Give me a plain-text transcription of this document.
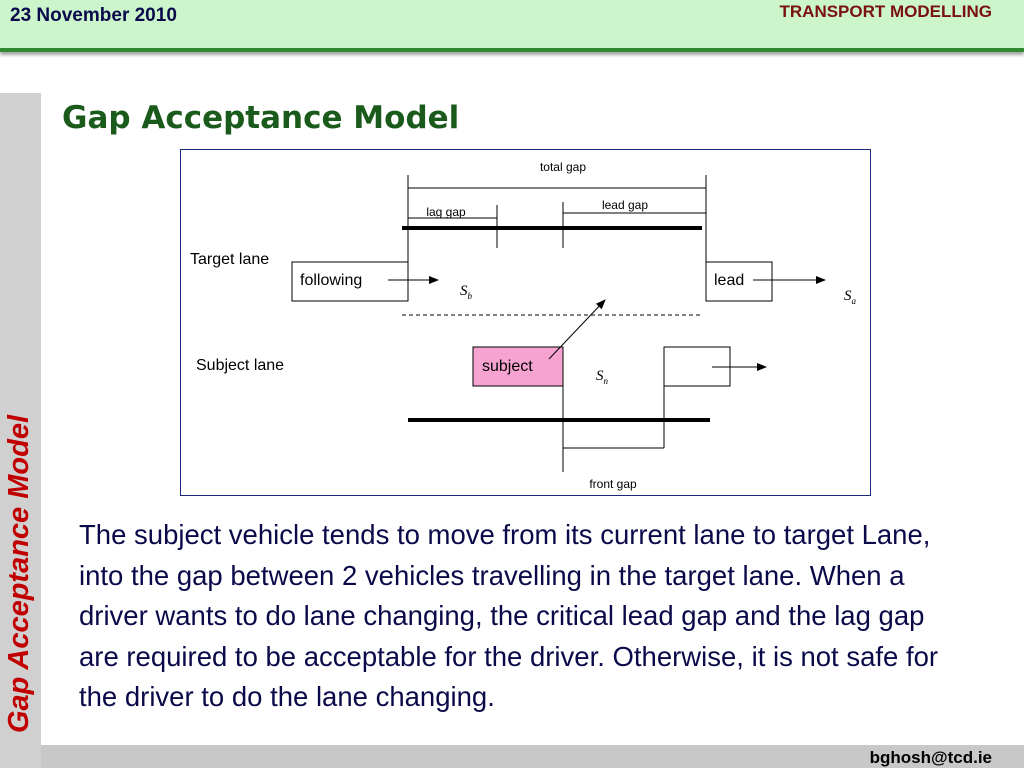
23 November 2010	TRANSPORT MODELLING
Gap Acceptance Model
Gap Acceptance Model
total gap
lag gap	lead gap
Target lane
following
$S_b$
lead
$S_a$
Subject lane	subject
$S_n$
front gap
The subject vehicle tends to move from its current lane to target Lane, into the gap between 2 vehicles travelling in the target lane. When a driver wants to do lane changing, the critical lead gap and the lag gap are required to be acceptable for the driver. Otherwise, it is not safe for the driver to do the lane changing.
bghosh@tcd.ie
